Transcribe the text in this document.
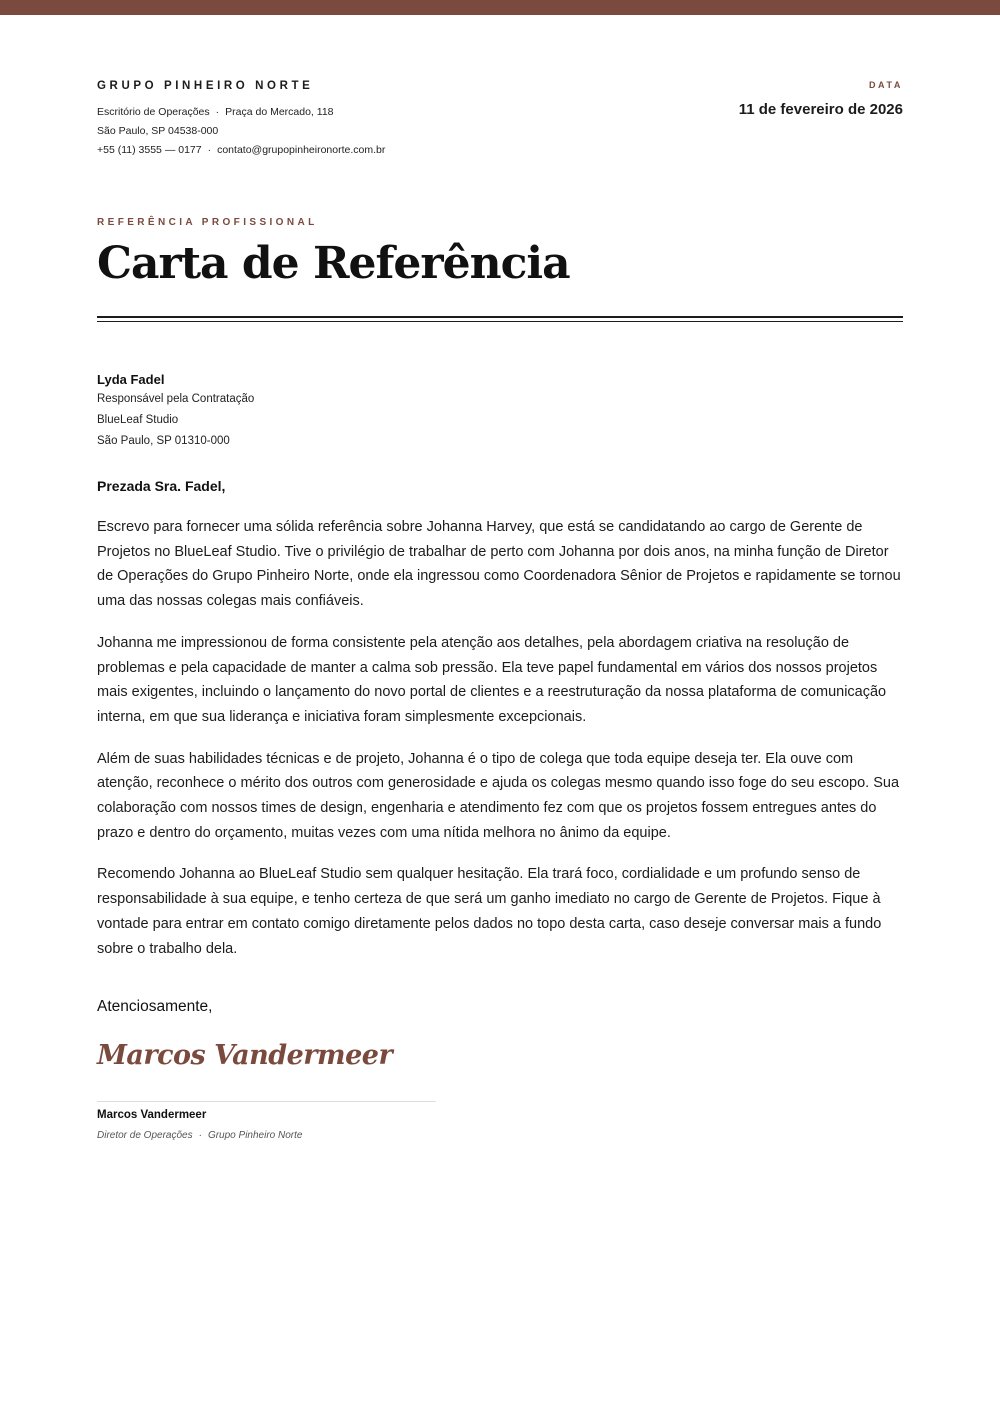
GRUPO PINHEIRO NORTE
Escritório de Operações · Praça do Mercado, 118
São Paulo, SP 04538-000
+55 (11) 3555 — 0177 · contato@grupopinheironorte.com.br
DATA
11 de fevereiro de 2026
REFERÊNCIA PROFISSIONAL
Carta de Referência
Lyda Fadel
Responsável pela Contratação
BlueLeaf Studio
São Paulo, SP 01310-000
Prezada Sra. Fadel,

Escrevo para fornecer uma sólida referência sobre Johanna Harvey, que está se candidatando ao cargo de Gerente de Projetos no BlueLeaf Studio. Tive o privilégio de trabalhar de perto com Johanna por dois anos, na minha função de Diretor de Operações do Grupo Pinheiro Norte, onde ela ingressou como Coordenadora Sênior de Projetos e rapidamente se tornou uma das nossas colegas mais confiáveis.

Johanna me impressionou de forma consistente pela atenção aos detalhes, pela abordagem criativa na resolução de problemas e pela capacidade de manter a calma sob pressão. Ela teve papel fundamental em vários dos nossos projetos mais exigentes, incluindo o lançamento do novo portal de clientes e a reestruturação da nossa plataforma de comunicação interna, em que sua liderança e iniciativa foram simplesmente excepcionais.

Além de suas habilidades técnicas e de projeto, Johanna é o tipo de colega que toda equipe deseja ter. Ela ouve com atenção, reconhece o mérito dos outros com generosidade e ajuda os colegas mesmo quando isso foge do seu escopo. Sua colaboração com nossos times de design, engenharia e atendimento fez com que os projetos fossem entregues antes do prazo e dentro do orçamento, muitas vezes com uma nítida melhora no ânimo da equipe.

Recomendo Johanna ao BlueLeaf Studio sem qualquer hesitação. Ela trará foco, cordialidade e um profundo senso de responsabilidade à sua equipe, e tenho certeza de que será um ganho imediato no cargo de Gerente de Projetos. Fique à vontade para entrar em contato comigo diretamente pelos dados no topo desta carta, caso deseje conversar mais a fundo sobre o trabalho dela.

Atenciosamente,
Marcos Vandermeer
Marcos Vandermeer
Diretor de Operações · Grupo Pinheiro Norte
